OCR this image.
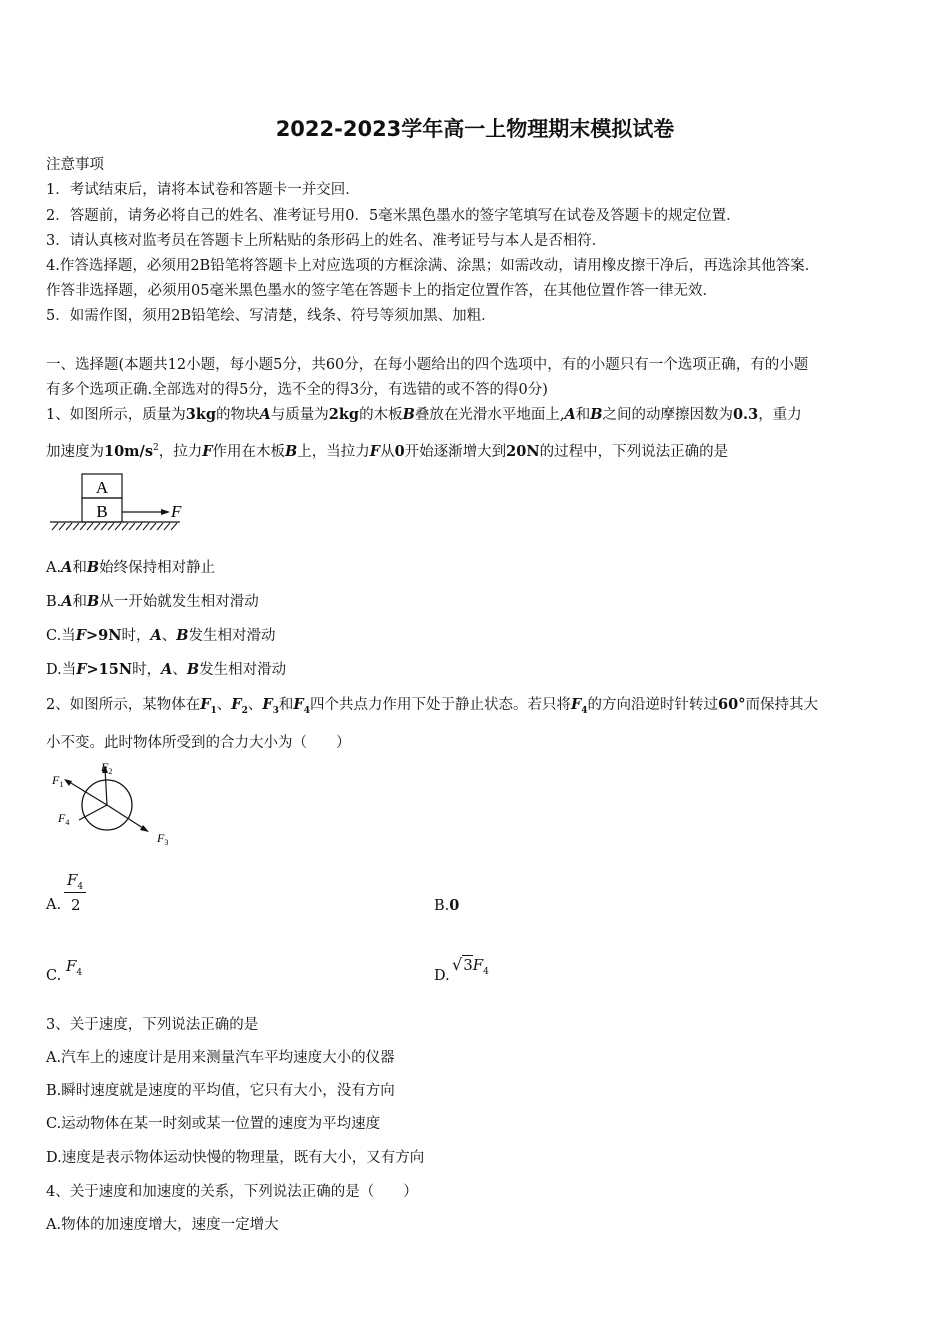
2022-2023学年高一上物理期末模拟试卷
注意事项
1．考试结束后，请将本试卷和答题卡一并交回．
2．答题前，请务必将自己的姓名、准考证号用0．5毫米黑色墨水的签字笔填写在试卷及答题卡的规定位置．
3．请认真核对监考员在答题卡上所粘贴的条形码上的姓名、准考证号与本人是否相符．
4.作答选择题，必须用2B铅笔将答题卡上对应选项的方框涂满、涂黑；如需改动，请用橡皮擦干净后，再选涂其他答案．
作答非选择题，必须用05毫米黑色墨水的签字笔在答题卡上的指定位置作答，在其他位置作答一律无效．
5．如需作图，须用2B铅笔绘、写清楚，线条、符号等须加黑、加粗．
一、选择题(本题共12小题，每小题5分，共60分，在每小题给出的四个选项中，有的小题只有一个选项正确，有的小题
有多个选项正确.全部选对的得5分，选不全的得3分，有选错的或不答的得0分)
1、如图所示，质量为3kg的物块A与质量为2kg的木板B叠放在光滑水平地面上,A和B之间的动摩擦因数为0.3，重力
加速度为$10m/s^2$，拉力F作用在木板B上，当拉力F从0开始逐渐增大到20N的过程中，下列说法正确的是
A
B	F
A.A和B始终保持相对静止
B.A和B从一开始就发生相对滑动
C.当F>9N时，A、B发生相对滑动
D.当F>15N时，A、B发生相对滑动
2、如图所示，某物体在$F_1$、$F_2$、$F_3$和$F_4$四个共点力作用下处于静止状态。若只将$F_4$的方向沿逆时针转过60°而保持其大
小不变。此时物体所受到的合力大小为（　　）
$F_1$
$F_2$
$F_3$
$F_4$
A.
$F_4$
2	B.0
C.
$F_4$	D.
$√3F_4$
3、关于速度，下列说法正确的是
A.汽车上的速度计是用来测量汽车平均速度大小的仪器
B.瞬时速度就是速度的平均值，它只有大小，没有方向
C.运动物体在某一时刻或某一位置的速度为平均速度
D.速度是表示物体运动快慢的物理量，既有大小，又有方向
4、关于速度和加速度的关系，下列说法正确的是（　　）
A.物体的加速度增大，速度一定增大
